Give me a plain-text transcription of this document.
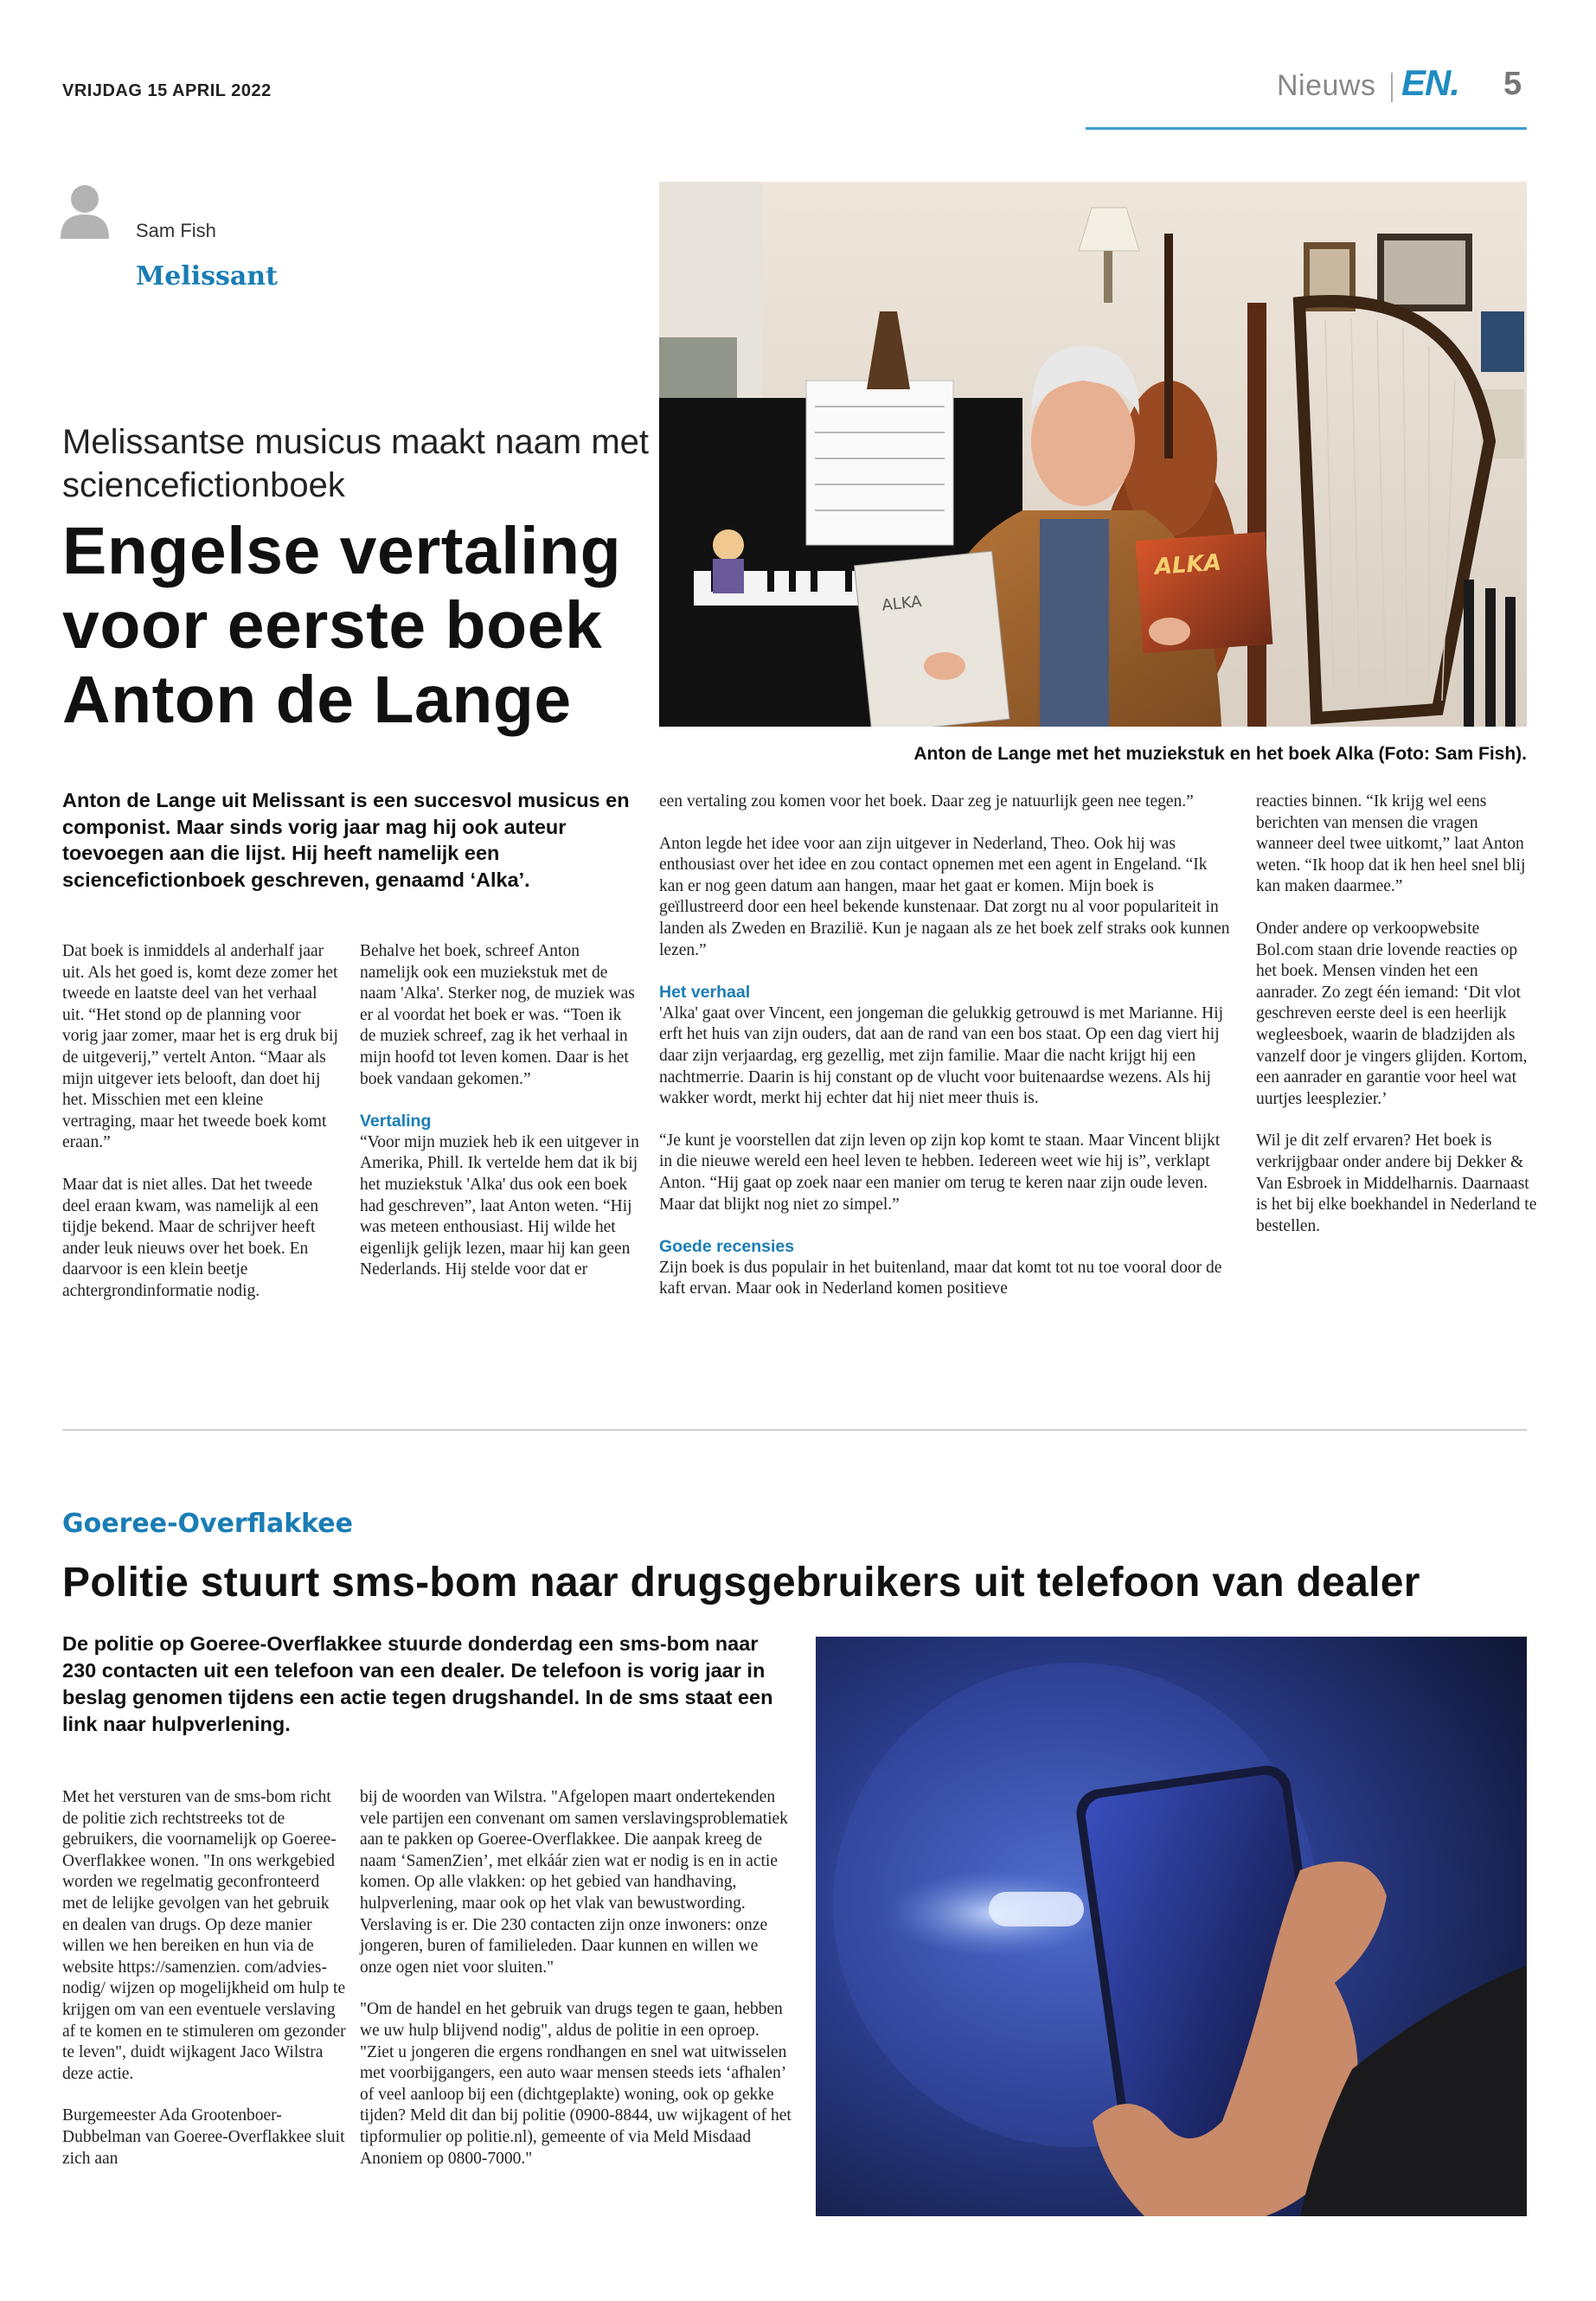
VRIJDAG 15 APRIL 2022	Nieuws EN. 5
Sam Fish
Melissant
Melissantse musicus maakt naam met sciencefictionboek
Engelse vertaling voor eerste boek Anton de Lange
ALKA
ALKA
Anton de Lange met het muziekstuk en het boek Alka (Foto: Sam Fish).
Anton de Lange uit Melissant is een succesvol musicus en componist. Maar sinds vorig jaar mag hij ook auteur toevoegen aan die lijst. Hij heeft namelijk een sciencefictionboek geschreven, genaamd ‘Alka’.

Dat boek is inmiddels al anderhalf jaar uit. Als het goed is, komt deze zomer het tweede en laatste deel van het verhaal uit. “Het stond op de planning voor vorig jaar zomer, maar het is erg druk bij de uitgeverij,” vertelt Anton. “Maar als mijn uitgever iets belooft, dan doet hij het. Misschien met een kleine vertraging, maar het tweede boek komt eraan.”

Maar dat is niet alles. Dat het tweede deel eraan kwam, was namelijk al een tijdje bekend. Maar de schrijver heeft ander leuk nieuws over het boek. En daarvoor is een klein beetje achtergrondinformatie nodig.

Behalve het boek, schreef Anton namelijk ook een muziekstuk met de naam 'Alka'. Sterker nog, de muziek was er al voordat het boek er was. “Toen ik de muziek schreef, zag ik het verhaal in mijn hoofd tot leven komen. Daar is het boek vandaan gekomen.”

Vertaling

“Voor mijn muziek heb ik een uitgever in Amerika, Phill. Ik vertelde hem dat ik bij het muziekstuk 'Alka' dus ook een boek had geschreven”, laat Anton weten. “Hij was meteen enthousiast. Hij wilde het eigenlijk gelijk lezen, maar hij kan geen Nederlands. Hij stelde voor dat er

een vertaling zou komen voor het boek. Daar zeg je natuurlijk geen nee tegen.”

Anton legde het idee voor aan zijn uitgever in Nederland, Theo. Ook hij was enthousiast over het idee en zou contact opnemen met een agent in Engeland. “Ik kan er nog geen datum aan hangen, maar het gaat er komen. Mijn boek is geïllustreerd door een heel bekende kunstenaar. Dat zorgt nu al voor populariteit in landen als Zweden en Brazilië. Kun je nagaan als ze het boek zelf straks ook kunnen lezen.”

Het verhaal

'Alka' gaat over Vincent, een jongeman die gelukkig getrouwd is met Marianne. Hij erft het huis van zijn ouders, dat aan de rand van een bos staat. Op een dag viert hij daar zijn verjaardag, erg gezellig, met zijn familie. Maar die nacht krijgt hij een nachtmerrie. Daarin is hij constant op de vlucht voor buitenaardse wezens. Als hij wakker wordt, merkt hij echter dat hij niet meer thuis is.

“Je kunt je voorstellen dat zijn leven op zijn kop komt te staan. Maar Vincent blijkt in die nieuwe wereld een heel leven te hebben. Iedereen weet wie hij is”, verklapt Anton. “Hij gaat op zoek naar een manier om terug te keren naar zijn oude leven. Maar dat blijkt nog niet zo simpel.”

Goede recensies

Zijn boek is dus populair in het buitenland, maar dat komt tot nu toe vooral door de kaft ervan. Maar ook in Nederland komen positieve

reacties binnen. “Ik krijg wel eens berichten van mensen die vragen wanneer deel twee uitkomt,” laat Anton weten. “Ik hoop dat ik hen heel snel blij kan maken daarmee.”

Onder andere op verkoopwebsite Bol.com staan drie lovende reacties op het boek. Mensen vinden het een aanrader. Zo zegt één iemand: ‘Dit vlot geschreven eerste deel is een heerlijk wegleesboek, waarin de bladzijden als vanzelf door je vingers glijden. Kortom, een aanrader en garantie voor heel wat uurtjes leesplezier.’

Wil je dit zelf ervaren? Het boek is verkrijgbaar onder andere bij Dekker & Van Esbroek in Middelharnis. Daarnaast is het bij elke boekhandel in Nederland te bestellen.

Goeree-Overflakkee
Politie stuurt sms-bom naar drugsgebruikers uit telefoon van dealer
De politie op Goeree-Overflakkee stuurde donderdag een sms-bom naar 230 contacten uit een telefoon van een dealer. De telefoon is vorig jaar in beslag genomen tijdens een actie tegen drugshandel. In de sms staat een link naar hulpverlening.

Met het versturen van de sms-bom richt de politie zich rechtstreeks tot de gebruikers, die voornamelijk op Goeree-Overflakkee wonen. "In ons werkgebied worden we regelmatig geconfronteerd met de lelijke gevolgen van het gebruik en dealen van drugs. Op deze manier willen we hen bereiken en hun via de website https://samenzien. com/advies-nodig/ wijzen op mogelijkheid om hulp te krijgen om van een eventuele verslaving af te komen en te stimuleren om gezonder te leven", duidt wijkagent Jaco Wilstra deze actie.

Burgemeester Ada Grootenboer-Dubbelman van Goeree-Overflakkee sluit zich aan

bij de woorden van Wilstra. "Afgelopen maart ondertekenden vele partijen een convenant om samen verslavingsproblematiek aan te pakken op Goeree-Overflakkee. Die aanpak kreeg de naam ‘SamenZien’, met elkáár zien wat er nodig is en in actie komen. Op alle vlakken: op het gebied van handhaving, hulpverlening, maar ook op het vlak van bewustwording. Verslaving is er. Die 230 contacten zijn onze inwoners: onze jongeren, buren of familieleden. Daar kunnen en willen we onze ogen niet voor sluiten."

"Om de handel en het gebruik van drugs tegen te gaan, hebben we uw hulp blijvend nodig", aldus de politie in een oproep. "Ziet u jongeren die ergens rondhangen en snel wat uitwisselen met voorbijgangers, een auto waar mensen steeds iets ‘afhalen’ of veel aanloop bij een (dichtgeplakte) woning, ook op gekke tijden? Meld dit dan bij politie (0900-8844, uw wijkagent of het tipformulier op politie.nl), gemeente of via Meld Misdaad Anoniem op 0800-7000."
